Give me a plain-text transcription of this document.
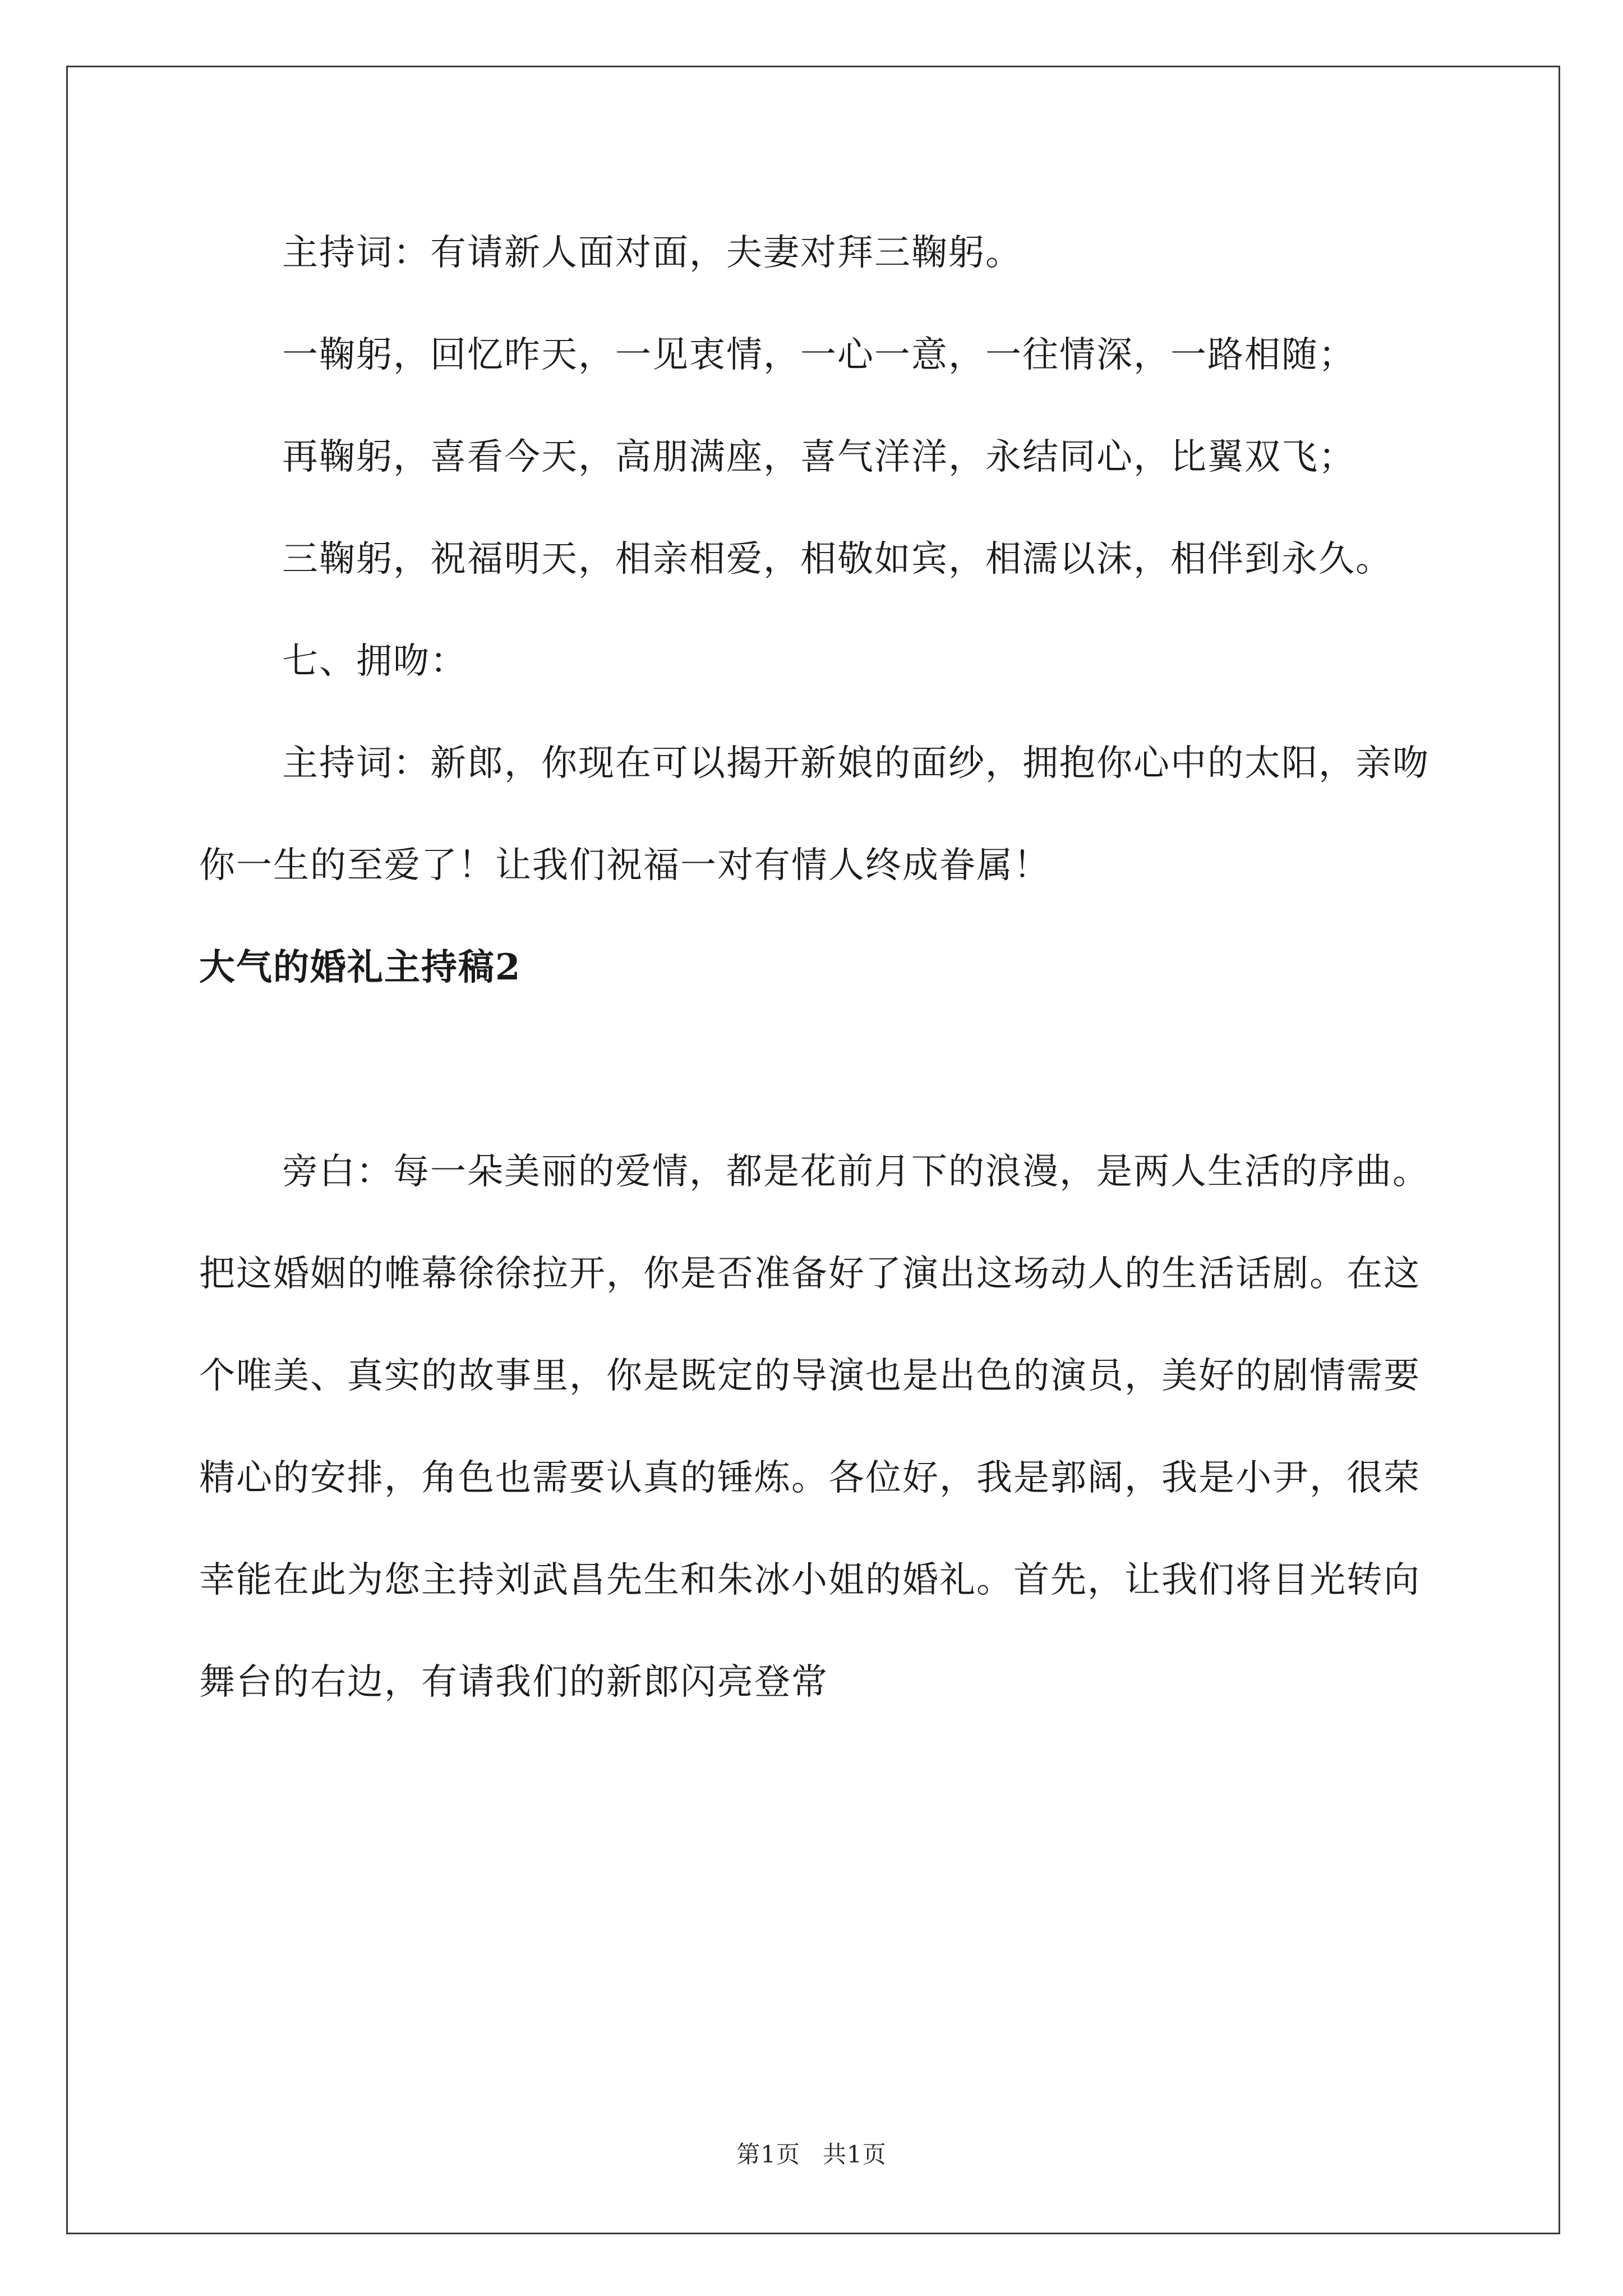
主持词：有请新人面对面，夫妻对拜三鞠躬。

一鞠躬，回忆昨天，一见衷情，一心一意，一往情深，一路相随；

再鞠躬，喜看今天，高朋满座，喜气洋洋，永结同心，比翼双飞；

三鞠躬，祝福明天，相亲相爱，相敬如宾，相濡以沫，相伴到永久。

七、拥吻：

主持词：新郎，你现在可以揭开新娘的面纱，拥抱你心中的太阳，亲吻你一生的至爱了！让我们祝福一对有情人终成眷属！

大气的婚礼主持稿2

旁白：每一朵美丽的爱情，都是花前月下的浪漫，是两人生活的序曲。把这婚姻的帷幕徐徐拉开，你是否准备好了演出这场动人的生活话剧。在这个唯美、真实的故事里，你是既定的导演也是出色的演员，美好的剧情需要精心的安排，角色也需要认真的锤炼。各位好，我是郭阔，我是小尹，很荣幸能在此为您主持刘武昌先生和朱冰小姐的婚礼。首先，让我们将目光转向舞台的右边，有请我们的新郎闪亮登常

第1页 共1页
